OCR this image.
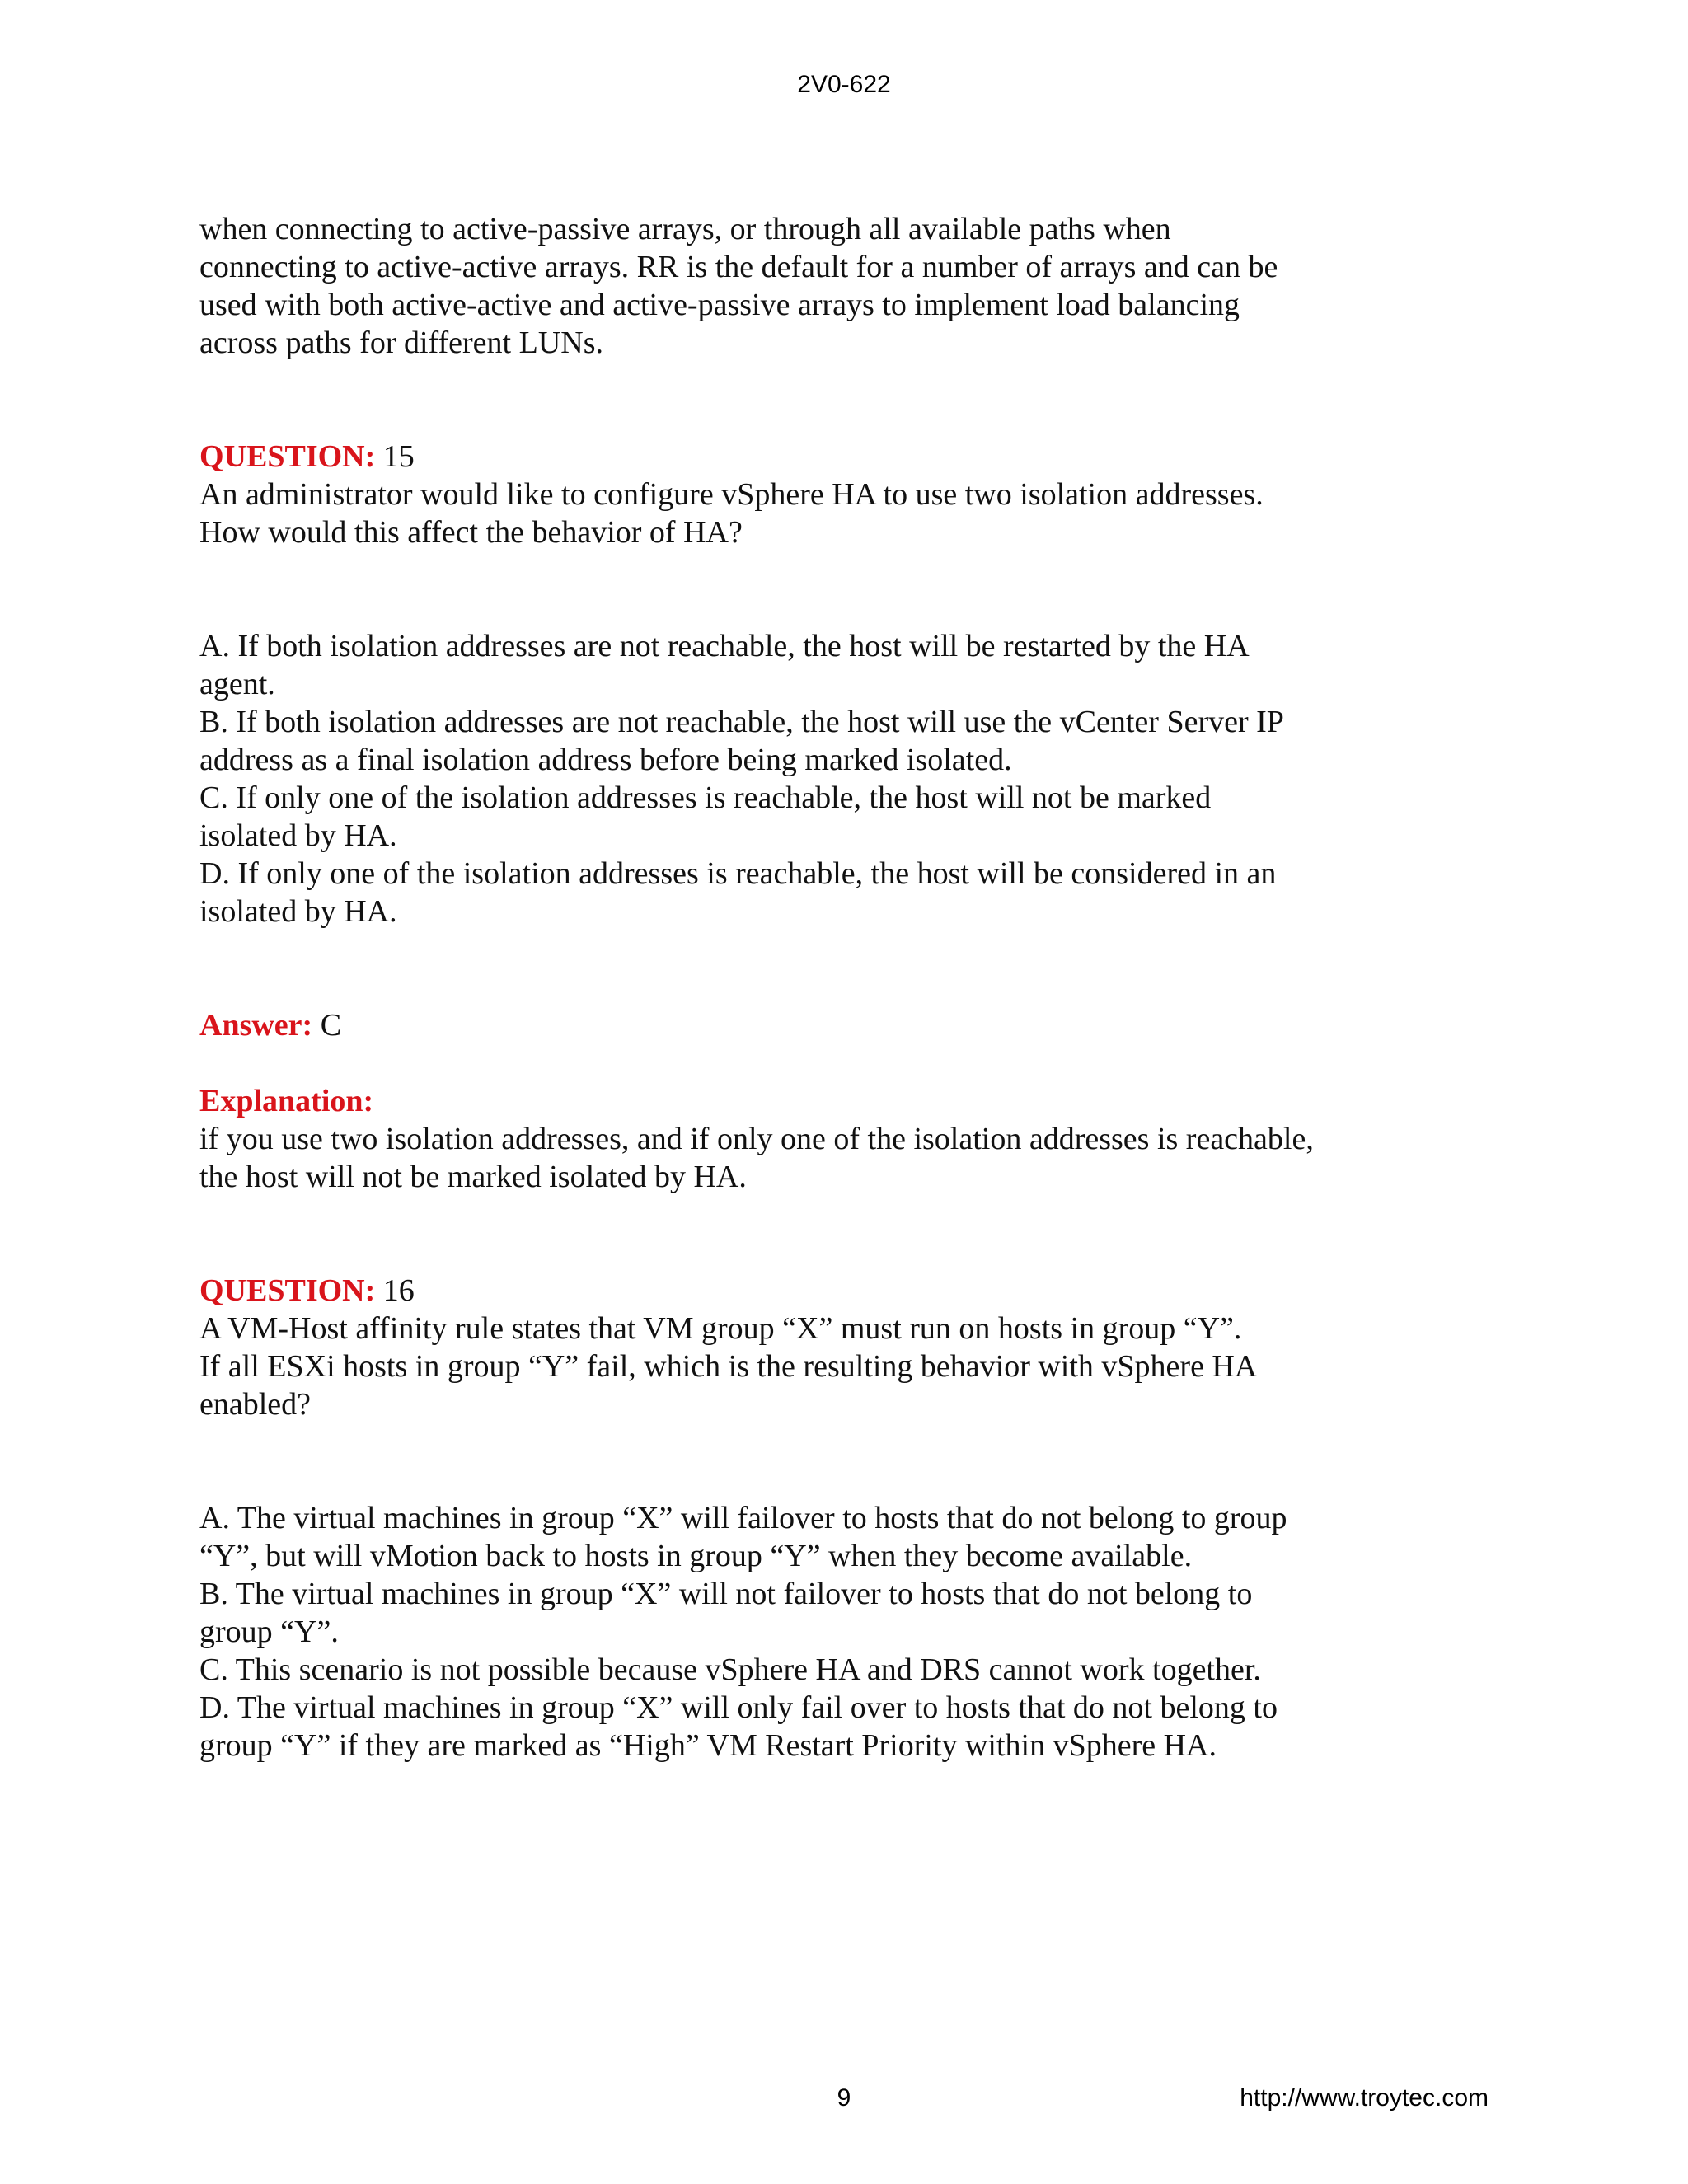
2V0-622

when connecting to active-passive arrays, or through all available paths when

connecting to active-active arrays. RR is the default for a number of arrays and can be

used with both active-active and active-passive arrays to implement load balancing

across paths for different LUNs.

QUESTION: 15

An administrator would like to configure vSphere HA to use two isolation addresses.

How would this affect the behavior of HA?

A. If both isolation addresses are not reachable, the host will be restarted by the HA

agent.

B. If both isolation addresses are not reachable, the host will use the vCenter Server IP

address as a final isolation address before being marked isolated.

C. If only one of the isolation addresses is reachable, the host will not be marked

isolated by HA.

D. If only one of the isolation addresses is reachable, the host will be considered in an

isolated by HA.

Answer: C

Explanation:

if you use two isolation addresses, and if only one of the isolation addresses is reachable,

the host will not be marked isolated by HA.

QUESTION: 16

A VM-Host affinity rule states that VM group “X” must run on hosts in group “Y”.

If all ESXi hosts in group “Y” fail, which is the resulting behavior with vSphere HA

enabled?

A. The virtual machines in group “X” will failover to hosts that do not belong to group

“Y”, but will vMotion back to hosts in group “Y” when they become available.

B. The virtual machines in group “X” will not failover to hosts that do not belong to

group “Y”.

C. This scenario is not possible because vSphere HA and DRS cannot work together.

D. The virtual machines in group “X” will only fail over to hosts that do not belong to

group “Y” if they are marked as “High” VM Restart Priority within vSphere HA.

9	http://www.troytec.com
